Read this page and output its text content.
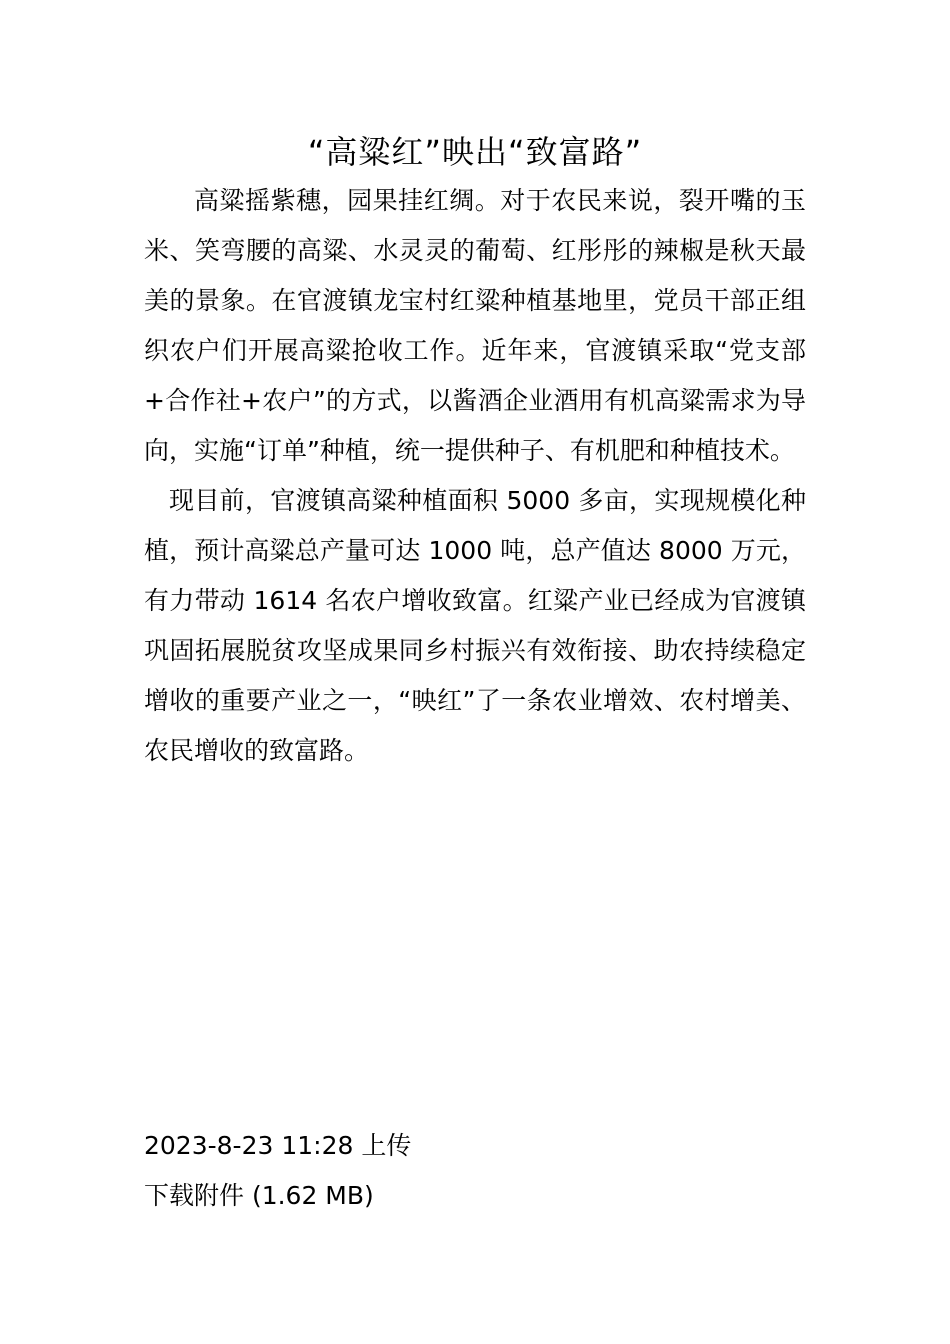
“高粱红”映出“致富路”

高粱摇紫穗，园果挂红绸。对于农民来说，裂开嘴的玉米、笑弯腰的高粱、水灵灵的葡萄、红彤彤的辣椒是秋天最美的景象。在官渡镇龙宝村红粱种植基地里，党员干部正组织农户们开展高粱抢收工作。近年来，官渡镇采取“党支部+合作社+农户”的方式，以酱酒企业酒用有机高粱需求为导向，实施“订单”种植，统一提供种子、有机肥和种植技术。

现目前，官渡镇高粱种植面积 5000 多亩，实现规模化种植，预计高粱总产量可达 1000 吨，总产值达 8000 万元，有力带动 1614 名农户增收致富。红粱产业已经成为官渡镇巩固拓展脱贫攻坚成果同乡村振兴有效衔接、助农持续稳定增收的重要产业之一，“映红”了一条农业增效、农村增美、农民增收的致富路。

2023-8-23 11:28 上传
下载附件 (1.62 MB)
